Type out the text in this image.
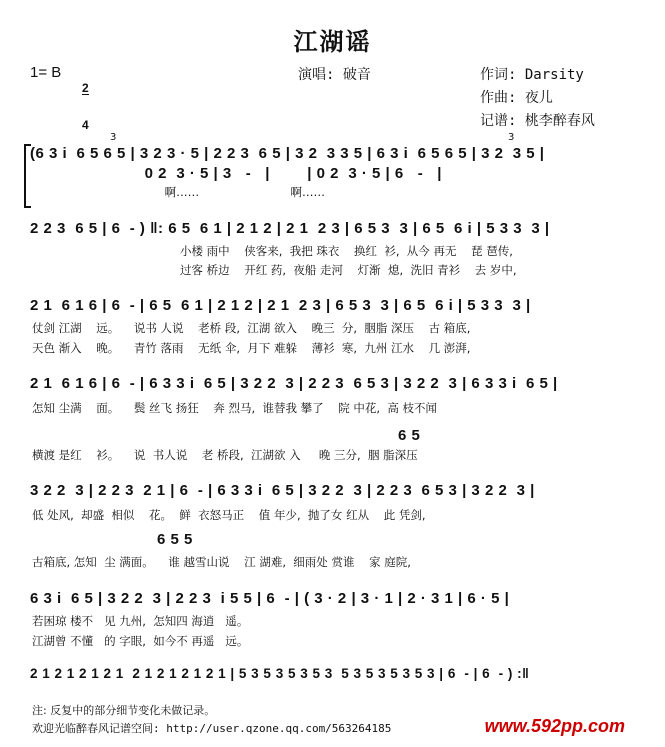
江湖谣
1= B

2

4

演唱: 破音	作词: Darsity
作曲: 夜儿
记谱: 桃李醉春风
3	3
(6 3 i  6 5 6 5 | 3 2 3 · 5 | 2 2 3  6 5 | 3 2  3 3 5 | 6 3 i  6 5 6 5 | 3 2  3 5 |
0 2  3 · 5 | 3   -   |        | 0 2  3 · 5 | 6   -   |
啊……                         啊……
2 2 3  6 5 | 6  - ) ‖: 6 5  6 1 | 2 1 2 | 2 1  2 3 | 6 5 3  3 | 6 5  6 i | 5 3 3  3 |
小楼 雨中    侠客来,  我把 珠衣    换红  衫,  从今 再无    琵 琶传,
过客 桥边    开红 药,  夜船 走河    灯渐  熄,  洗旧 青衫    去 岁中,
2 1  6 1 6 | 6  - | 6 5  6 1 | 2 1 2 | 2 1  2 3 | 6 5 3  3 | 6 5  6 i | 5 3 3  3 |
仗剑 江湖    远。    说书 人说    老桥 段,  江湖 欲入    晚三  分,  胭脂 深压    古 箱底,
天色 渐入    晚。    青竹 落雨    无纸 伞,  月下 难躲    薄衫  寒,  九州 江水    几 澎湃,
2 1  6 1 6 | 6  - | 6 3 3 i  6 5 | 3 2 2  3 | 2 2 3  6 5 3 | 3 2 2  3 | 6 3 3 i  6 5 |
怎知 尘满    面。    鬓 丝飞 扬狂    奔 烈马,  谁替我 攀了    院 中花,  高 枝不闻
6 5
横渡 是红    衫。    说  书人说    老 桥段,  江湖欲 入     晚 三分,  胭 脂深压
3 2 2  3 | 2 2 3  2 1 | 6  - | 6 3 3 i  6 5 | 3 2 2  3 | 2 2 3  6 5 3 | 3 2 2  3 |
低 处风,  却盛  相似    花。  鲜  衣怒马正    值 年少,  抛了女 红从    此 凭剑,
6 5 5
古箱底, 怎知  尘 满面。    谁 越雪山说    江 湖难,  细雨处 赏谁    家 庭院,
6 3 i  6 5 | 3 2 2  3 | 2 2 3  i 5 5 | 6  - | ( 3 · 2 | 3 · 1 | 2 · 3 1 | 6 · 5 |
若困琼 楼不   见 九州,  怎知四 海逍   遥。
江湖曾 不懂   的 字眼,  如今不 再遥   远。
2 1 2 1 2 1 2 1  2 1 2 1 2 1 2 1 | 5 3 5 3 5 3 5 3  5 3 5 3 5 3 5 3 | 6  - | 6  - ) :‖
注: 反复中的部分细节变化未做记录。
欢迎光临醉春风记谱空间: http://user.qzone.qq.com/563264185	www.592pp.com
